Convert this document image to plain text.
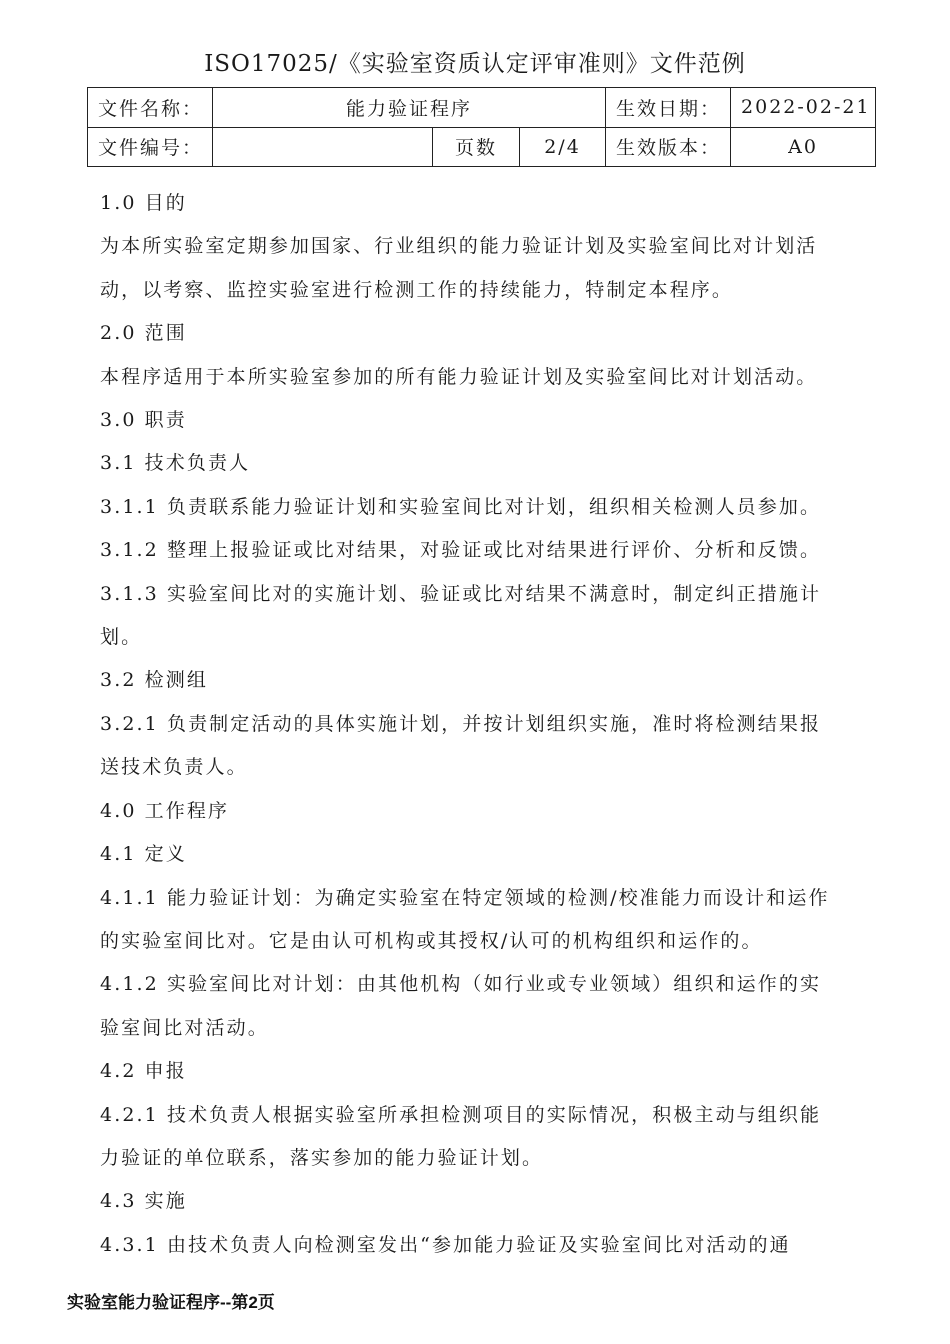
ISO17025/《实验室资质认定评审准则》文件范例
文件名称：	能力验证程序			生效日期：	2022-02-21
文件编号：		页数	2/4	生效版本：	A0

1.0 目的

为本所实验室定期参加国家、行业组织的能力验证计划及实验室间比对计划活

动，以考察、监控实验室进行检测工作的持续能力，特制定本程序。

2.0 范围

本程序适用于本所实验室参加的所有能力验证计划及实验室间比对计划活动。

3.0 职责

3.1 技术负责人

3.1.1 负责联系能力验证计划和实验室间比对计划，组织相关检测人员参加。

3.1.2 整理上报验证或比对结果，对验证或比对结果进行评价、分析和反馈。

3.1.3 实验室间比对的实施计划、验证或比对结果不满意时，制定纠正措施计

划。

3.2 检测组

3.2.1 负责制定活动的具体实施计划，并按计划组织实施，准时将检测结果报

送技术负责人。

4.0 工作程序

4.1 定义

4.1.1 能力验证计划：为确定实验室在特定领域的检测/校准能力而设计和运作

的实验室间比对。它是由认可机构或其授权/认可的机构组织和运作的。

4.1.2 实验室间比对计划：由其他机构（如行业或专业领域）组织和运作的实

验室间比对活动。

4.2 申报

4.2.1 技术负责人根据实验室所承担检测项目的实际情况，积极主动与组织能

力验证的单位联系，落实参加的能力验证计划。

4.3 实施

4.3.1 由技术负责人向检测室发出“参加能力验证及实验室间比对活动的通

实验室能力验证程序--第2页
